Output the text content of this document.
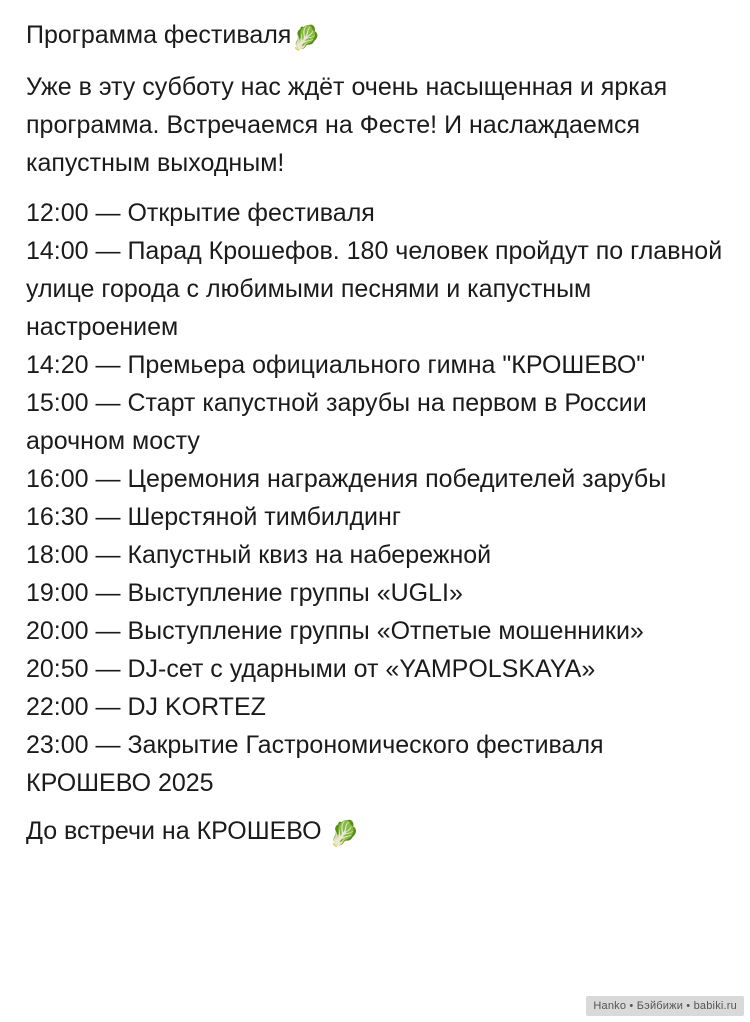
Программа фестиваля🥬

Уже в эту субботу нас ждёт очень насыщенная и яркая программа. Встречаемся на Фесте! И наслаждаемся капустным выходным!

12:00 — Открытие фестиваля
14:00 — Парад Крошефов. 180 человек пройдут по главной улице города с любимыми песнями и капустным настроением
14:20 — Премьера официального гимна "КРОШЕВО"
15:00 — Старт капустной зарубы на первом в России арочном мосту
16:00 — Церемония награждения победителей зарубы
16:30 — Шерстяной тимбилдинг
18:00 — Капустный квиз на набережной
19:00 — Выступление группы «UGLI»
20:00 — Выступление группы «Отпетые мошенники»
20:50 — DJ-сет с ударными от «YAMPOLSKAYA»
22:00 — DJ KORTEZ
23:00 — Закрытие Гастрономического фестиваля КРОШЕВО 2025

До встречи на КРОШЕВО 🥬

Hanko • Бэйбижи • babiki.ru
